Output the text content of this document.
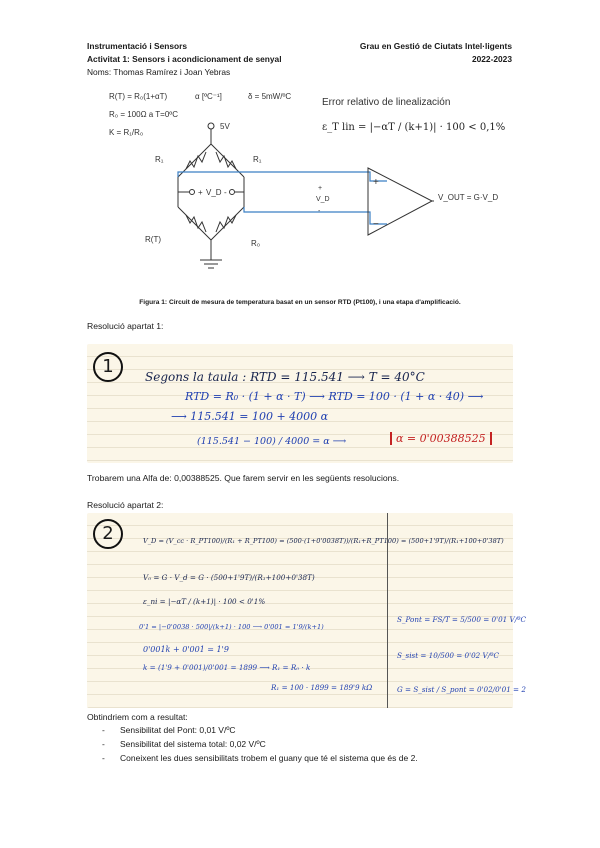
Instrumentació i Sensors
Activitat 1: Sensors i acondicionament de senyal
Noms: Thomas Ramírez i Joan Yebras
Grau en Gestió de Ciutats Intel·ligents
2022-2023
R(T) = R₀(1+αT)	α [ºC⁻¹]	δ = 5mW/ºC
R₀ = 100Ω a T=0ºC
K = R₁/R₀
5V
R₁	R₁
R(T)	R₀
+ V_D -	+
V_D
-
+
−
V_OUT = G·V_D
Error relativo de linealización
ε_T lin = |−αT / (k+1)| · 100 < 0,1%
Figura 1: Circuit de mesura de temperatura basat en un sensor RTD (Pt100), i una etapa d'amplificació.
Resolució apartat 1:
1	Segons la taula : RTD = 115.541 ⟶ T = 40°C
RTD = R₀ · (1 + α · T) ⟶ RTD = 100 · (1 + α · 40) ⟶
⟶ 115.541 = 100 + 4000 α
(115.541 − 100) / 4000 = α ⟶	α = 0'00388525
Trobarem una Alfa de: 0,00388525. Que farem servir en les següents resolucions.
Resolució apartat 2:
2	V_D = (V_cc · R_PT100)/(R₁ + R_PT100) = (500·(1+0'0038T))/(R₁+R_PT100) = (500+1'9T)/(R₁+100+0'38T)
V₀ = G · V_d = G · (500+1'9T)/(R₁+100+0'38T)
ε_ni = |−αT / (k+1)| · 100 < 0'1%
0'1 = |−0'0038 · 500|/(k+1) · 100 ⟶ 0'001 = 1'9/(k+1)
0'001k + 0'001 = 1'9
k = (1'9 + 0'001)/0'001 = 1899 ⟶ R₁ = R₀ · k
R₁ = 100 · 1899 = 189'9 kΩ
S_Pont = FS/T = 5/500 = 0'01 V/ºC
S_sist = 10/500 = 0'02 V/ºC
G = S_sist / S_pont = 0'02/0'01 = 2
Obtindriem com a resultat:
- Sensibilitat del Pont: 0,01 V/ºC
- Sensibilitat del sistema total: 0,02 V/ºC
- Coneixent les dues sensibilitats trobem el guany que té el sistema que és de 2.
